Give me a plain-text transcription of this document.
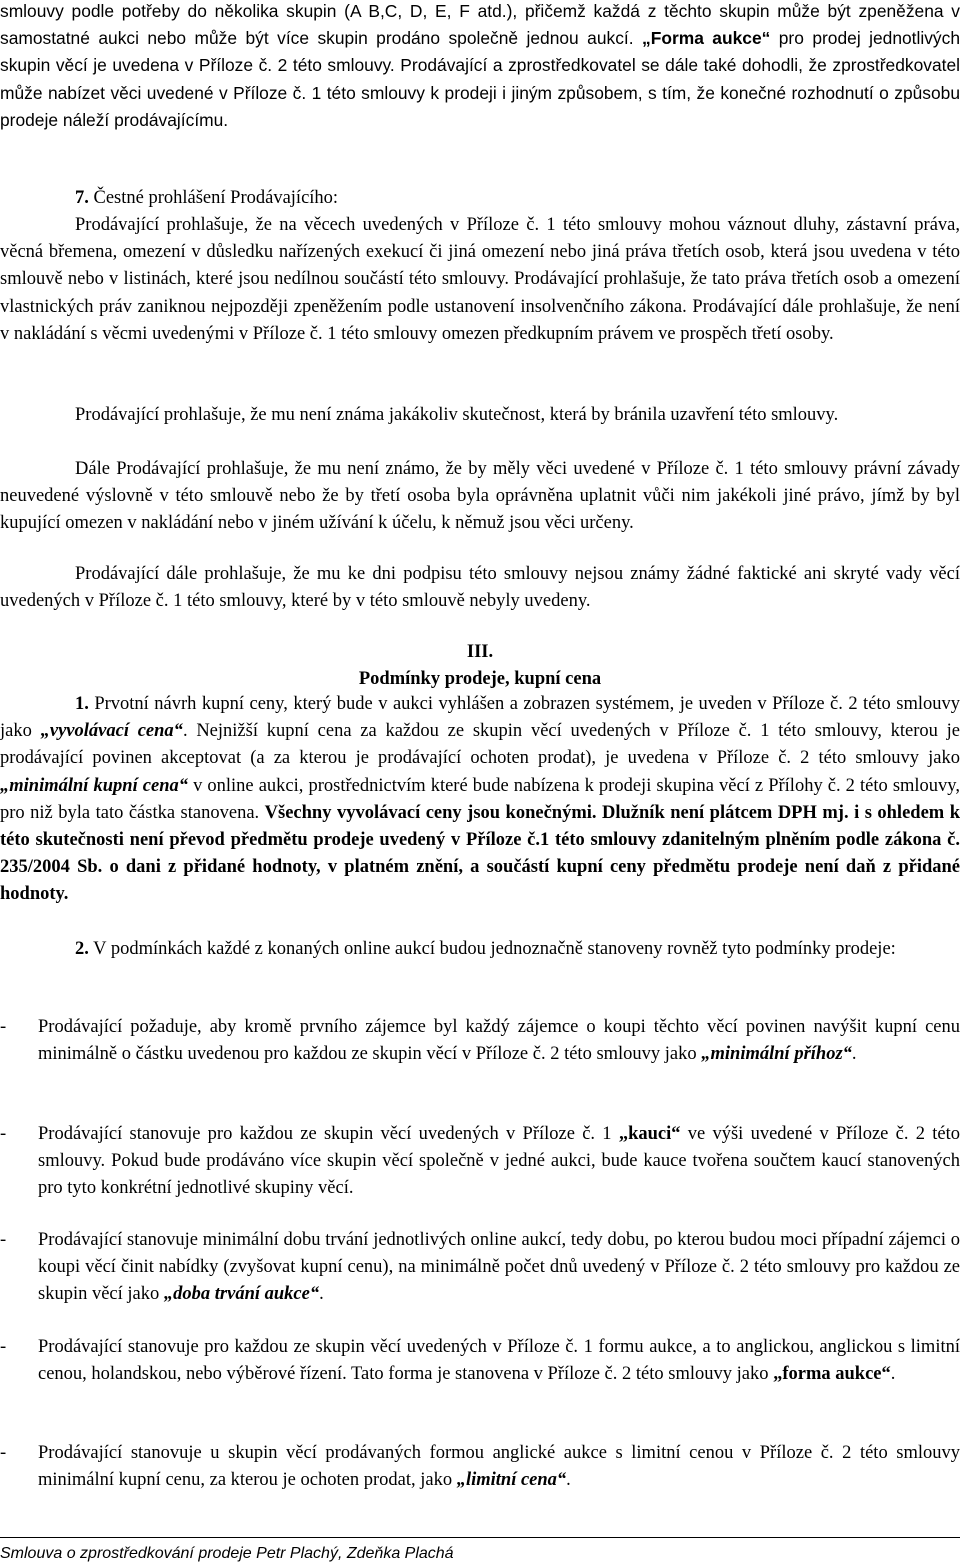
smlouvy podle potřeby do několika skupin (A B,C, D, E, F atd.), přičemž každá z těchto skupin může být zpeněžena v samostatné aukci nebo může být více skupin prodáno společně jednou aukcí. „Forma aukce“ pro prodej jednotlivých skupin věcí je uvedena v Příloze č. 2 této smlouvy. Prodávající a zprostředkovatel se dále také dohodli, že zprostředkovatel může nabízet věci uvedené v Příloze č. 1 této smlouvy k prodeji i jiným způsobem, s tím, že konečné rozhodnutí o způsobu prodeje náleží prodávajícímu.

7. Čestné prohlášení Prodávajícího:

Prodávající prohlašuje, že na věcech uvedených v Příloze č. 1 této smlouvy mohou váznout dluhy, zástavní práva, věcná břemena, omezení v důsledku nařízených exekucí či jiná omezení nebo jiná práva třetích osob, která jsou uvedena v této smlouvě nebo v listinách, které jsou nedílnou součástí této smlouvy. Prodávající prohlašuje, že tato práva třetích osob a omezení vlastnických práv zaniknou nejpozději zpeněžením podle ustanovení insolvenčního zákona. Prodávající dále prohlašuje, že není v nakládání s věcmi uvedenými v Příloze č. 1 této smlouvy omezen předkupním právem ve prospěch třetí osoby.

Prodávající prohlašuje, že mu není známa jakákoliv skutečnost, která by bránila uzavření této smlouvy.

Dále Prodávající prohlašuje, že mu není známo, že by měly věci uvedené v Příloze č. 1 této smlouvy právní závady neuvedené výslovně v této smlouvě nebo že by třetí osoba byla oprávněna uplatnit vůči nim jakékoli jiné právo, jímž by byl kupující omezen v nakládání nebo v jiném užívání k účelu, k němuž jsou věci určeny.

Prodávající dále prohlašuje, že mu ke dni podpisu této smlouvy nejsou známy žádné faktické ani skryté vady věcí uvedených v Příloze č. 1 této smlouvy, které by v této smlouvě nebyly uvedeny.

III.
Podmínky prodeje, kupní cena

1. Prvotní návrh kupní ceny, který bude v aukci vyhlášen a zobrazen systémem, je uveden v Příloze č. 2 této smlouvy jako „vyvolávací cena“. Nejnižší kupní cena za každou ze skupin věcí uvedených v Příloze č. 1 této smlouvy, kterou je prodávající povinen akceptovat (a za kterou je prodávající ochoten prodat), je uvedena v Příloze č. 2 této smlouvy jako „minimální kupní cena“ v online aukci, prostřednictvím které bude nabízena k prodeji skupina věcí z Přílohy č. 2 této smlouvy, pro niž byla tato částka stanovena. Všechny vyvolávací ceny jsou konečnými. Dlužník není plátcem DPH mj. i s ohledem k této skutečnosti není převod předmětu prodeje uvedený v Příloze č.1 této smlouvy zdanitelným plněním podle zákona č. 235/2004 Sb. o dani z přidané hodnoty, v platném znění, a součástí kupní ceny předmětu prodeje není daň z přidané hodnoty.

2. V podmínkách každé z konaných online aukcí budou jednoznačně stanoveny rovněž tyto podmínky prodeje:

- Prodávající požaduje, aby kromě prvního zájemce byl každý zájemce o koupi těchto věcí povinen navýšit kupní cenu minimálně o částku uvedenou pro každou ze skupin věcí v Příloze č. 2 této smlouvy jako „minimální příhoz“.

- Prodávající stanovuje pro každou ze skupin věcí uvedených v Příloze č. 1 „kauci“ ve výši uvedené v Příloze č. 2 této smlouvy. Pokud bude prodáváno více skupin věcí společně v jedné aukci, bude kauce tvořena součtem kaucí stanovených pro tyto konkrétní jednotlivé skupiny věcí.

- Prodávající stanovuje minimální dobu trvání jednotlivých online aukcí, tedy dobu, po kterou budou moci případní zájemci o koupi věcí činit nabídky (zvyšovat kupní cenu), na minimálně počet dnů uvedený v Příloze č. 2 této smlouvy pro každou ze skupin věcí jako „doba trvání aukce“.

- Prodávající stanovuje pro každou ze skupin věcí uvedených v Příloze č. 1 formu aukce, a to anglickou, anglickou s limitní cenou, holandskou, nebo výběrové řízení. Tato forma je stanovena v Příloze č. 2 této smlouvy jako „forma aukce“.

- Prodávající stanovuje u skupin věcí prodávaných formou anglické aukce s limitní cenou v Příloze č. 2 této smlouvy minimální kupní cenu, za kterou je ochoten prodat, jako „limitní cena“.

Smlouva o zprostředkování prodeje Petr Plachý, Zdeňka Plachá
